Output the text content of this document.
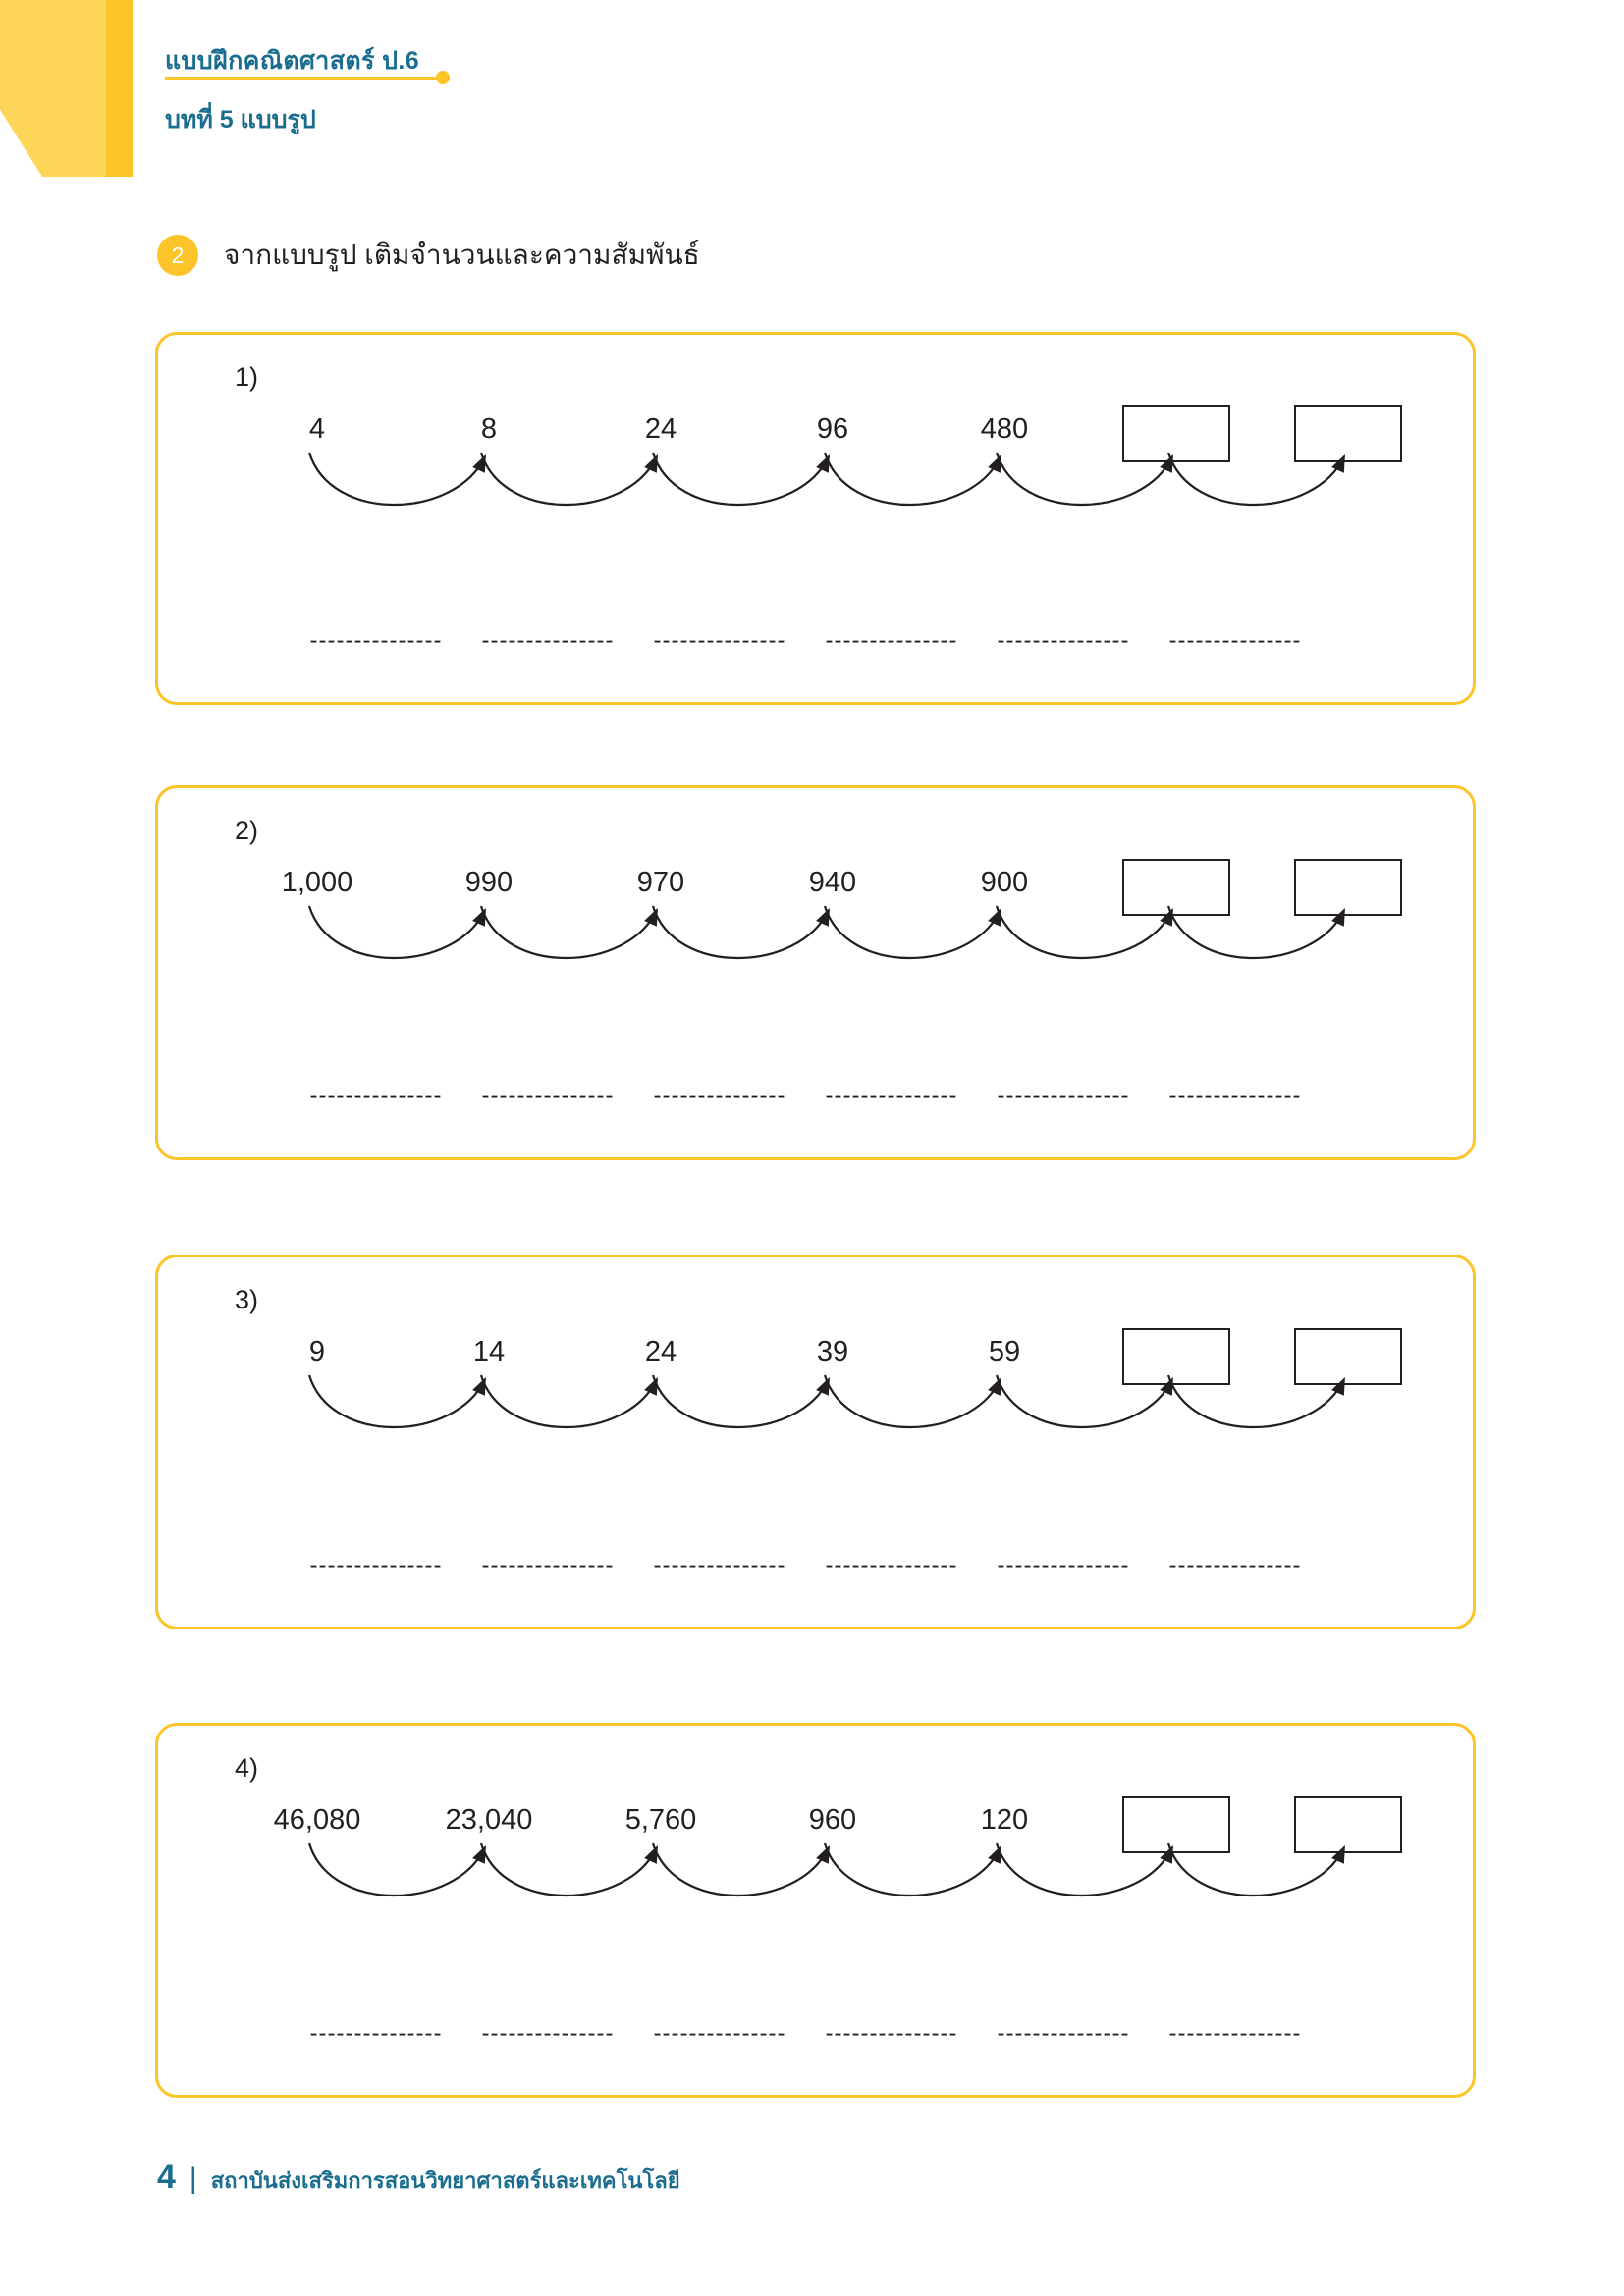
แบบฝึกคณิตศาสตร์ ป.6
บทที่ 5 แบบรูป
2	จากแบบรูป เติมจำนวนและความสัมพันธ์
1)
4	8	24	96	480
---------------	---------------	---------------	---------------	---------------	---------------
2)
1,000	990	970	940	900
---------------	---------------	---------------	---------------	---------------	---------------
3)
9	14	24	39	59
---------------	---------------	---------------	---------------	---------------	---------------
4)
46,080	23,040	5,760	960	120
---------------	---------------	---------------	---------------	---------------	---------------
4 | สถาบันส่งเสริมการสอนวิทยาศาสตร์และเทคโนโลยี
